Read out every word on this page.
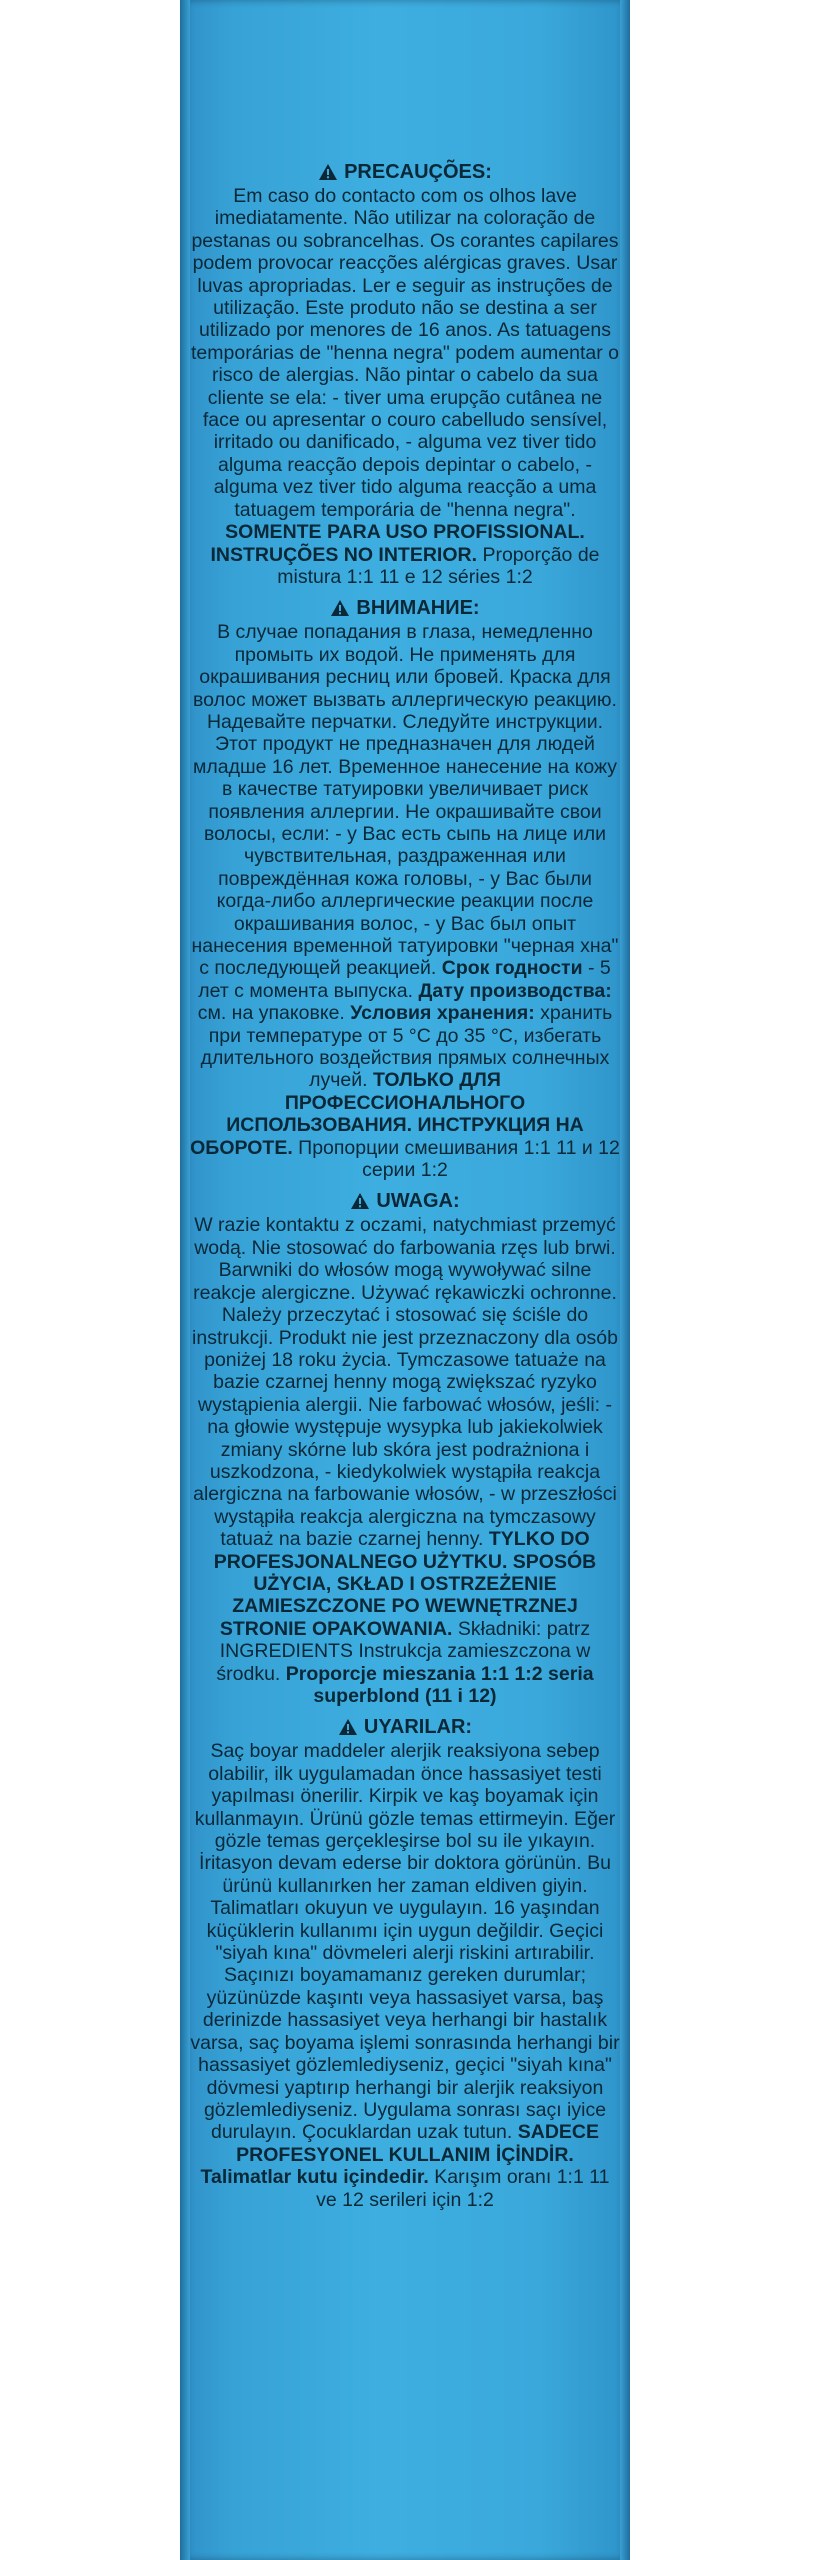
PRECAUÇÕES:

Em caso do contacto com os olhos lave imediatamente. Não utilizar na coloração de pestanas ou sobrancelhas. Os corantes capilares podem provocar reacções alérgicas graves. Usar luvas apropriadas. Ler e seguir as instruções de utilização. Este produto não se destina a ser utilizado por menores de 16 anos. As tatuagens temporárias de "henna negra" podem aumentar o risco de alergias. Não pintar o cabelo da sua cliente se ela: - tiver uma erupção cutânea ne face ou apresentar o couro cabelludo sensível, irritado ou danificado, - alguma vez tiver tido alguma reacção depois depintar o cabelo, - alguma vez tiver tido alguma reacção a uma tatuagem temporária de "henna negra". SOMENTE PARA USO PROFISSIONAL. INSTRUÇÕES NO INTERIOR. Proporção de mistura 1:1 11 e 12 séries 1:2

ВНИМАНИЕ:

В случае попадания в глаза, немедленно промыть их водой. Не применять для окрашивания ресниц или бровей. Краска для волос может вызвать аллергическую реакцию. Надевайте перчатки. Следуйте инструкции. Этот продукт не предназначен для людей младше 16 лет. Временное нанесение на кожу в качестве татуировки увеличивает риск появления аллергии. Не окрашивайте свои волосы, если: - у Вас есть сыпь на лице или чувствительная, раздраженная или повреждённая кожа головы, - у Вас были когда-либо аллергические реакции после окрашивания волос, - у Вас был опыт нанесения временной татуировки "черная хна" с последующей реакцией. Срок годности - 5 лет с момента выпуска. Дату производства: см. на упаковке. Условия хранения: хранить при температуре от 5 °С до 35 °С, избегать длительного воздействия прямых солнечных лучей. ТОЛЬКО ДЛЯ ПРОФЕССИОНАЛЬНОГО ИСПОЛЬЗОВАНИЯ. ИНСТРУКЦИЯ НА ОБОРОТЕ. Пропорции смешивания 1:1 11 и 12 серии 1:2

UWAGA:

W razie kontaktu z oczami, natychmiast przemyć wodą. Nie stosować do farbowania rzęs lub brwi. Barwniki do włosów mogą wywoływać silne reakcje alergiczne. Używać rękawiczki ochronne. Należy przeczytać i stosować się ściśle do instrukcji. Produkt nie jest przeznaczony dla osób poniżej 18 roku życia. Tymczasowe tatuaże na bazie czarnej henny mogą zwiększać ryzyko wystąpienia alergii. Nie farbować włosów, jeśli: - na głowie występuje wysypka lub jakiekolwiek zmiany skórne lub skóra jest podrażniona i uszkodzona, - kiedykolwiek wystąpiła reakcja alergiczna na farbowanie włosów, - w przeszłości wystąpiła reakcja alergiczna na tymczasowy tatuaż na bazie czarnej henny. TYLKO DO PROFESJONALNEGO UŻYTKU. SPOSÓB UŻYCIA, SKŁAD I OSTRZEŻENIE ZAMIESZCZONE PO WEWNĘTRZNEJ STRONIE OPAKOWANIA. Składniki: patrz INGREDIENTS Instrukcja zamieszczona w środku. Proporcje mieszania 1:1 1:2 seria superblond (11 i 12)

UYARILAR:

Saç boyar maddeler alerjik reaksiyona sebep olabilir, ilk uygulamadan önce hassasiyet testi yapılması önerilir. Kirpik ve kaş boyamak için kullanmayın. Ürünü gözle temas ettirmeyin. Eğer gözle temas gerçekleşirse bol su ile yıkayın. İritasyon devam ederse bir doktora görünün. Bu ürünü kullanırken her zaman eldiven giyin. Talimatları okuyun ve uygulayın. 16 yaşından küçüklerin kullanımı için uygun değildir. Geçici "siyah kına" dövmeleri alerji riskini artırabilir. Saçınızı boyamamanız gereken durumlar; yüzünüzde kaşıntı veya hassasiyet varsa, baş derinizde hassasiyet veya herhangi bir hastalık varsa, saç boyama işlemi sonrasında herhangi bir hassasiyet gözlemlediyseniz, geçici "siyah kına" dövmesi yaptırıp herhangi bir alerjik reaksiyon gözlemlediyseniz. Uygulama sonrası saçı iyice durulayın. Çocuklardan uzak tutun. SADECE PROFESYONEL KULLANIM İÇİNDİR. Talimatlar kutu içindedir. Karışım oranı 1:1 11 ve 12 serileri için 1:2
